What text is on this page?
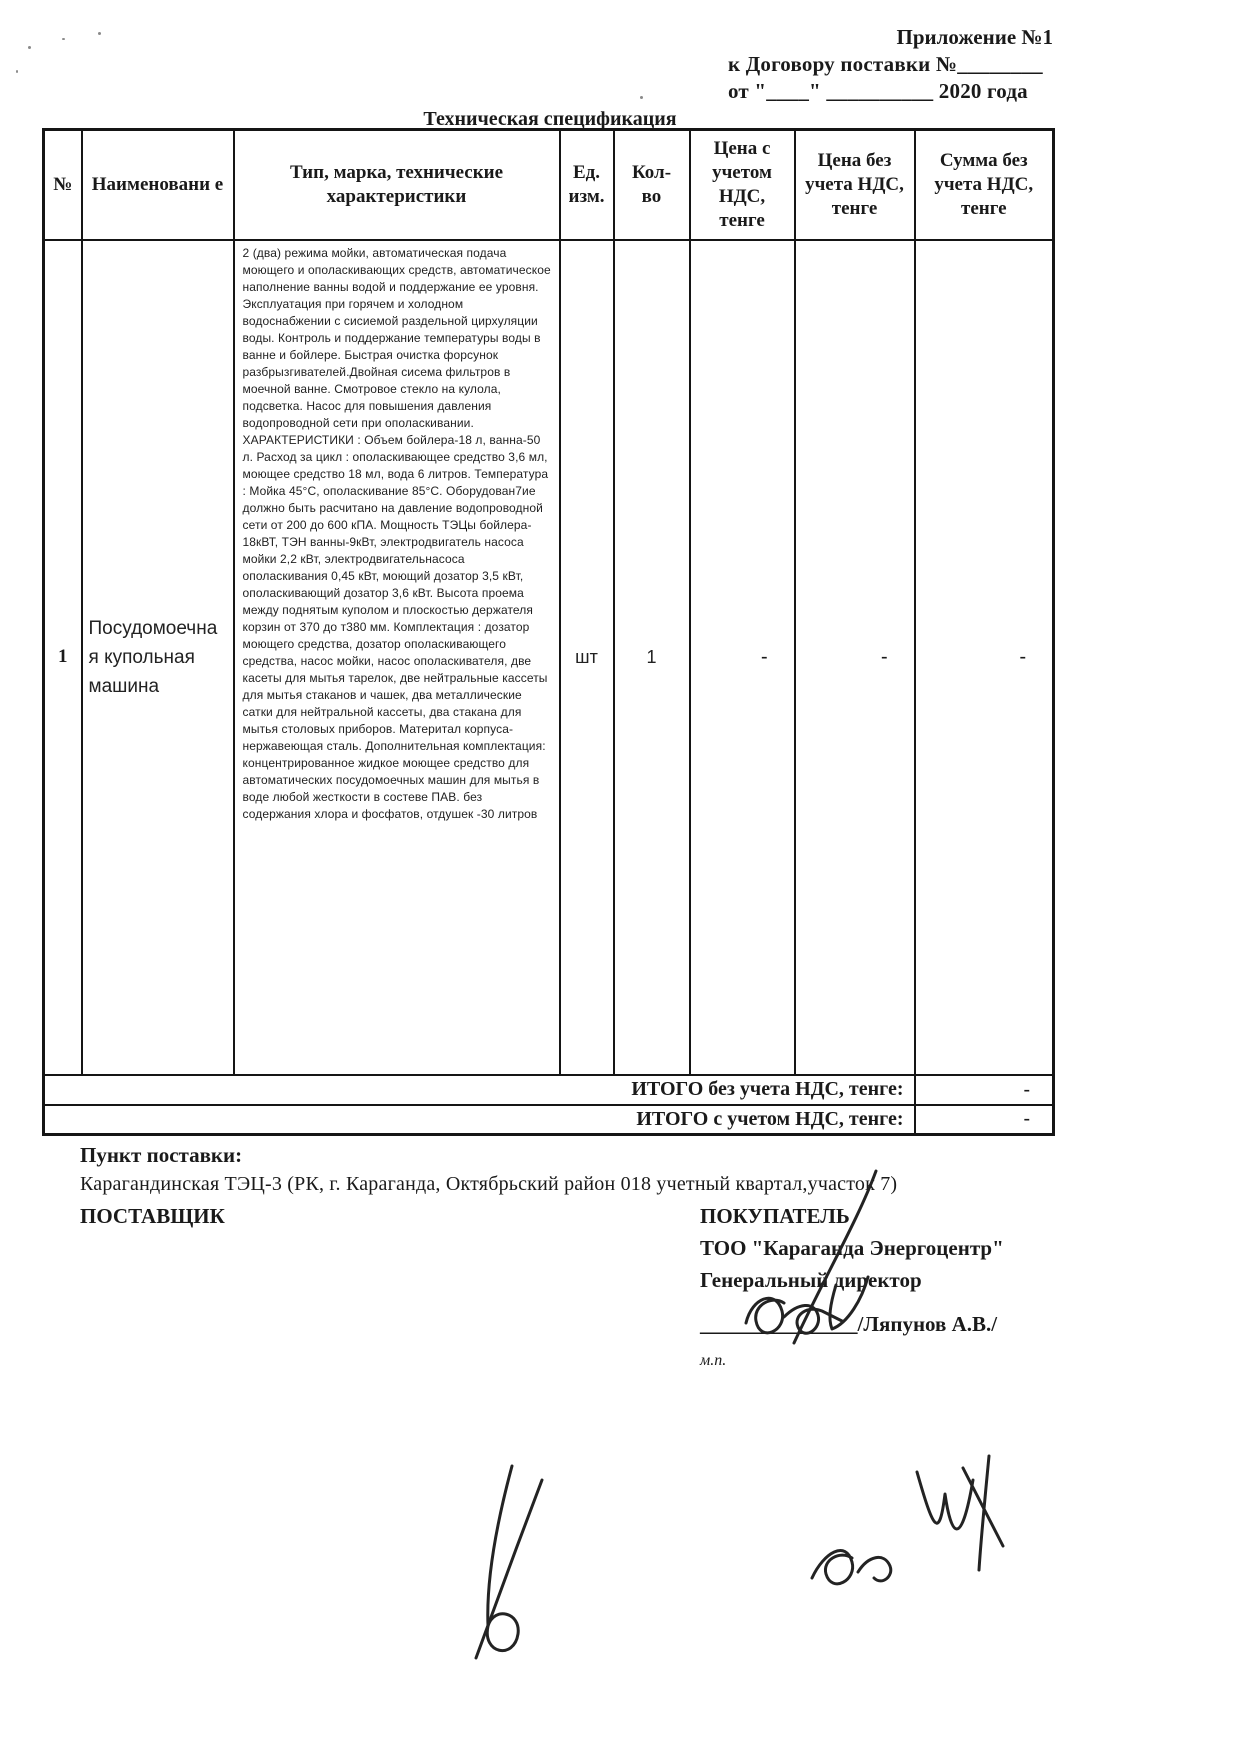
Приложение №1
к Договору поставки №________
от "____" __________ 2020 года
Техническая спецификация
№	Наименовани е	Тип, марка, технические характеристики	Ед. изм.	Кол-во	Цена с учетом НДС, тенге	Цена без учета НДС, тенге	Сумма без учета НДС, тенге
1	Посудомоечна я купольная машина	2 (два) режима мойки, автоматическая подача моющего и ополаскивающих средств, автоматическое наполнение ванны водой и поддержание ее уровня. Эксплуатация при горячем и холодном водоснабжении с сисиемой раздельной цирхуляции воды. Контроль и поддержание температуры воды в ванне и бойлере. Быстрая очистка форсунок разбрызгивателей.Двойная сисема фильтров в моечной ванне. Смотровое стекло на кулола, подсветка. Насос для повышения давления водопроводной сети при ополаскивании. ХАРАКТЕРИСТИКИ : Объем бойлера-18 л, ванна-50 л. Расход за цикл : ополаскивающее средство 3,6 мл, моющее средство 18 мл, вода 6 литров. Температура : Мойка 45°С, ополаскивание 85°С. Оборудован7ие должно быть расчитано на давление водопроводной сети от 200 до 600 кПА. Мощность ТЭЦы бойлера- 18кВТ, ТЭН ванны-9кВт, электродвигатель насоса мойки 2,2 кВт, электродвигательнасоса ополаскивания 0,45 кВт, моющий дозатор 3,5 кВт, ополаскивающий дозатор 3,6 кВт. Высота проема между поднятым куполом и плоскостью держателя корзин от 370 до т380 мм. Комплектация : дозатор моющего средства, дозатор ополаскивающего средства, насос мойки, насос ополаскивателя, две касеты для мытья тарелок, две нейтральные кассеты для мытья стаканов и чашек, два металлические сатки для нейтральной кассеты, два стакана для мытья столовых приборов. Материтал корпуса- нержавеющая сталь. Дополнительная комплектация: концентрированное жидкое моющее средство для автоматических посудомоечных машин для мытья в воде любой жесткости в состеве ПАВ. без содержания хлора и фосфатов, отдушек -30 литров	шт	1	-	-	-
ИТОГО без учета НДС, тенге:							-
ИТОГО с учетом НДС, тенге:							-
Пункт поставки:
Карагандинская ТЭЦ-3 (РК, г. Караганда, Октябрьский район 018 учетный квартал,участок 7)
ПОСТАВЩИК	ПОКУПАТЕЛЬ
ТОО "Караганда Энергоцентр"
Генеральный директор
_______________/Ляпунов А.В./
м.п.
